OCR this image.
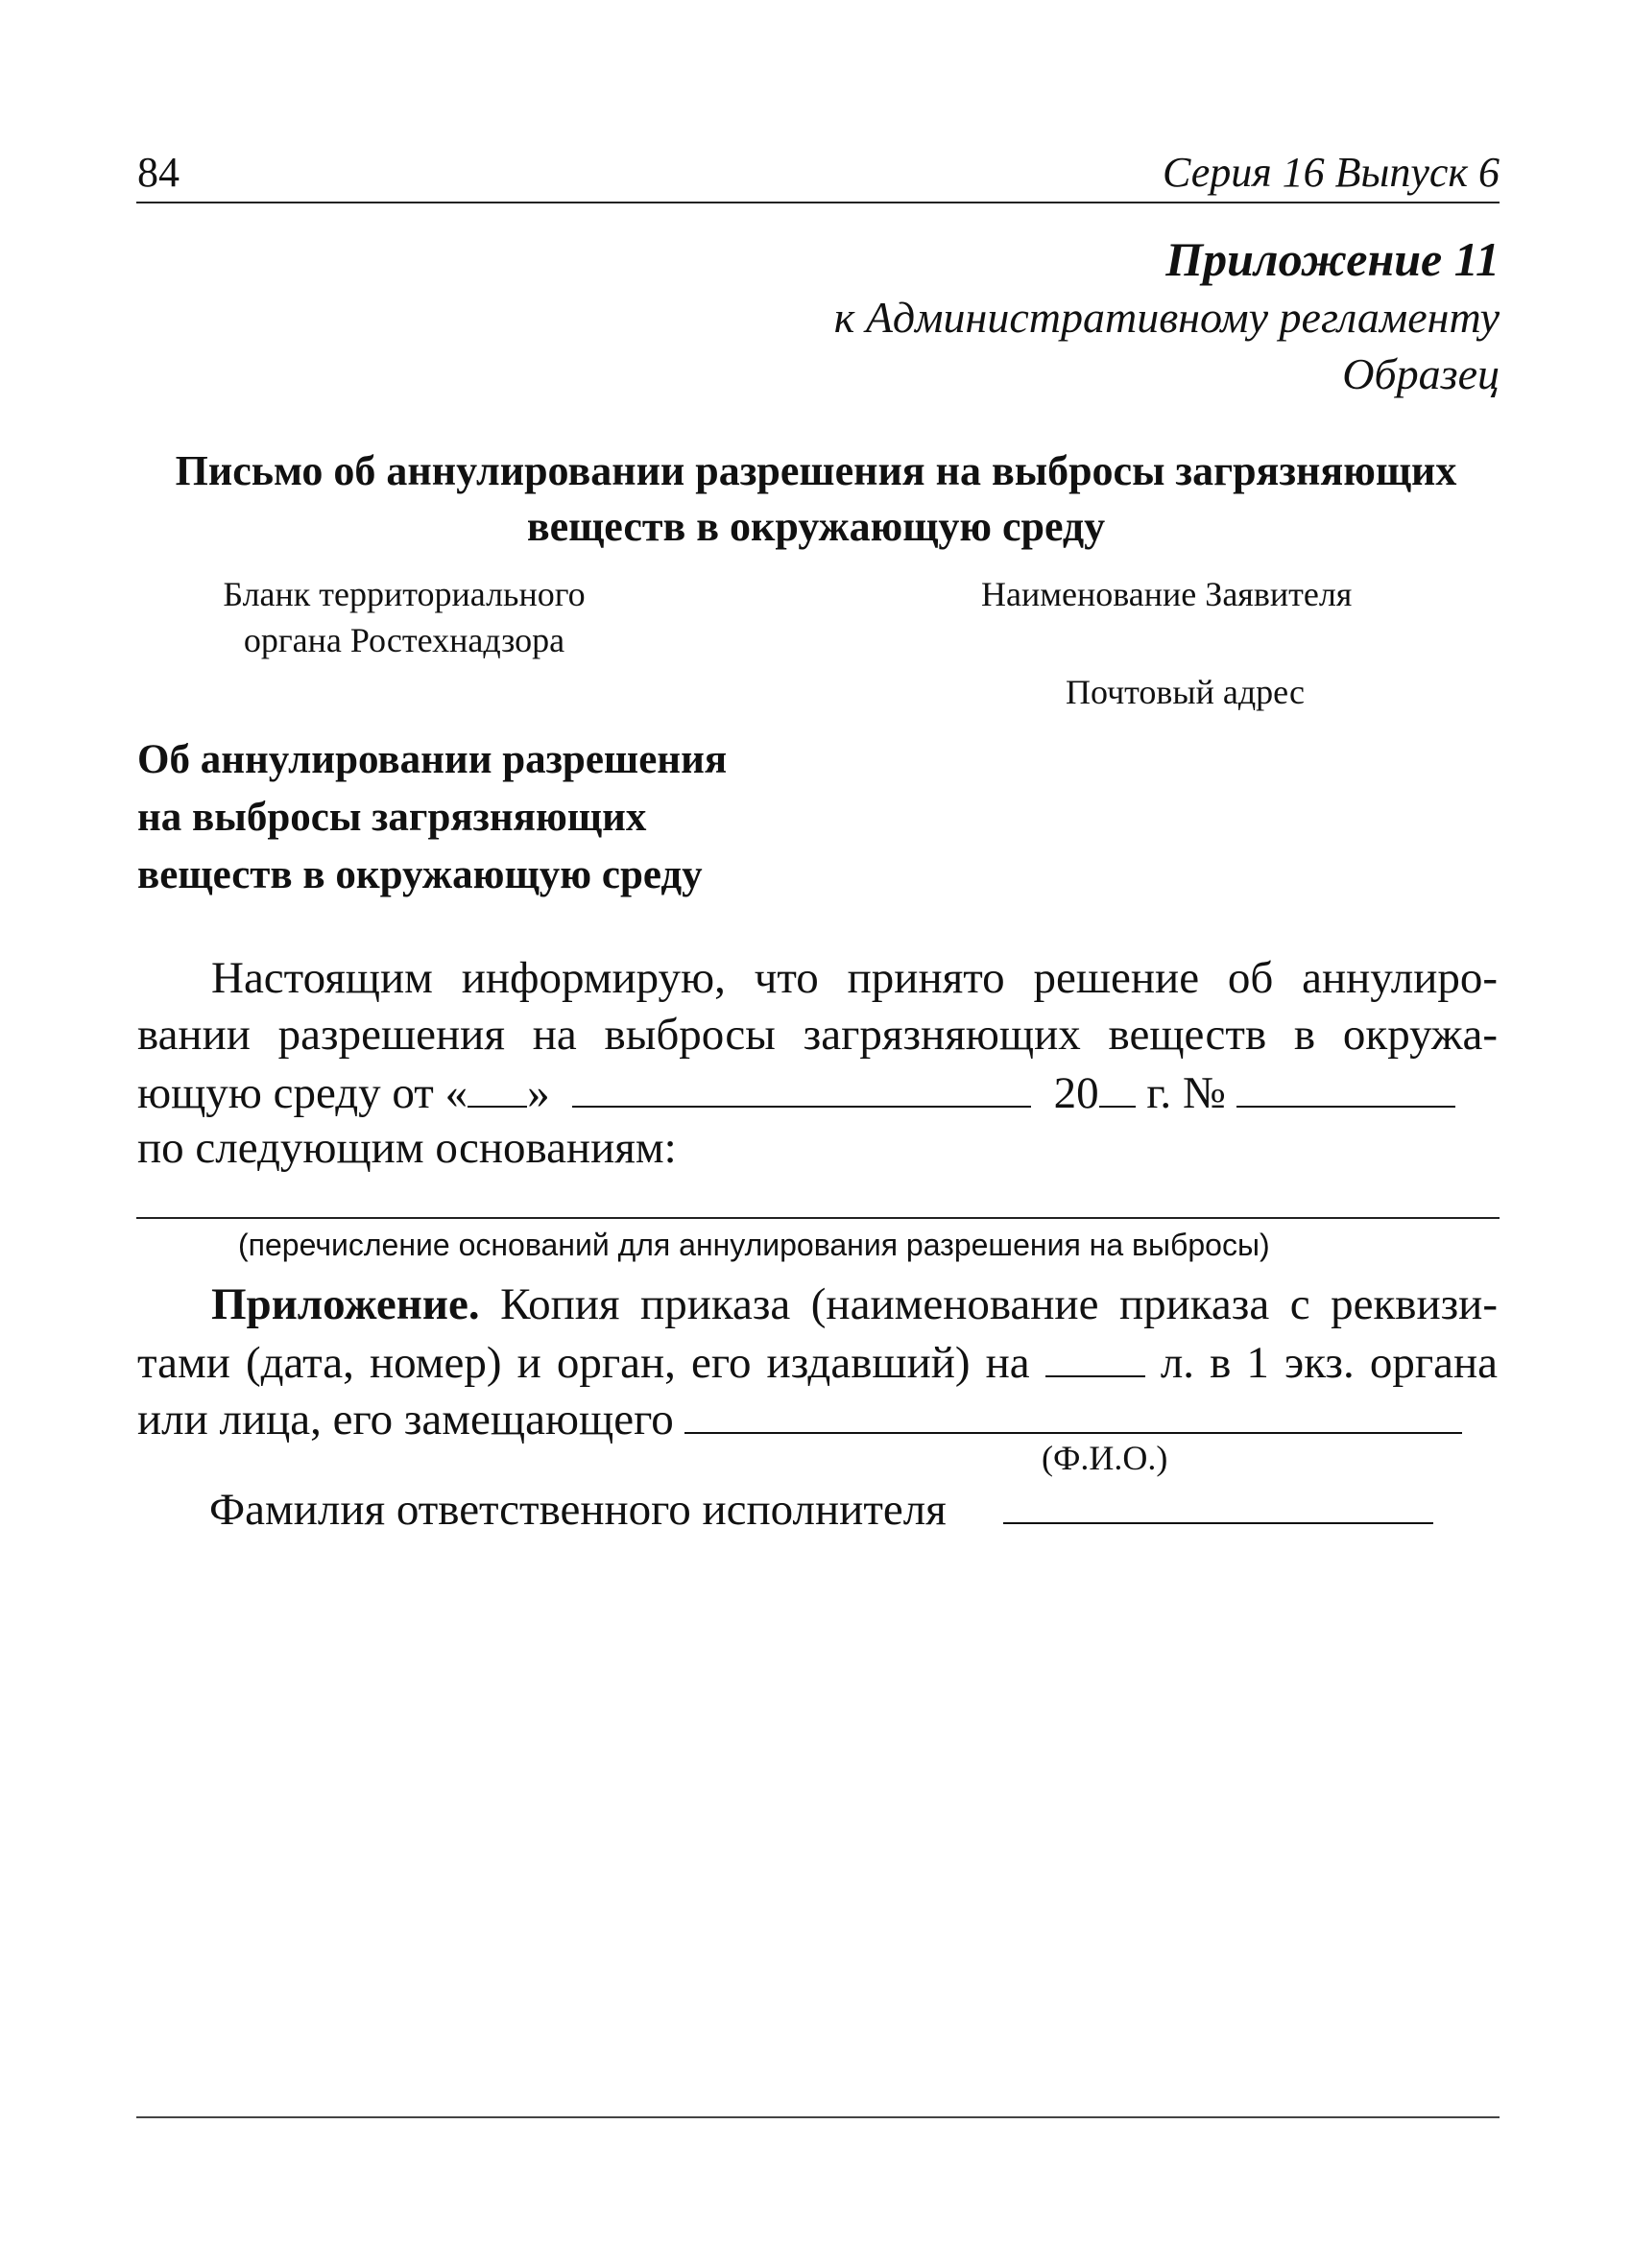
84	Серия 16 Выпуск 6
Приложение 11
к Административному регламенту
Образец
Письмо об аннулировании разрешения на выбросы загрязняющих
веществ в окружающую среду
Бланк территориального
органа Ростехнадзора
Наименование Заявителя
Почтовый адрес
Об аннулировании разрешения
на выбросы загрязняющих
веществ в окружающую среду
Настоящим информирую, что принято решение об аннулиро-
вании разрешения на выбросы загрязняющих веществ в окружа-
ющую среду от « »	20 г. №
по следующим основаниям:
(перечисление оснований для аннулирования разрешения на выбросы)
Приложение. Копия приказа (наименование приказа с реквизи-
тами (дата, номер) и орган, его издавший) на  л. в 1 экз. органа
или лица, его замещающего
(Ф.И.О.)
Фамилия ответственного исполнителя
